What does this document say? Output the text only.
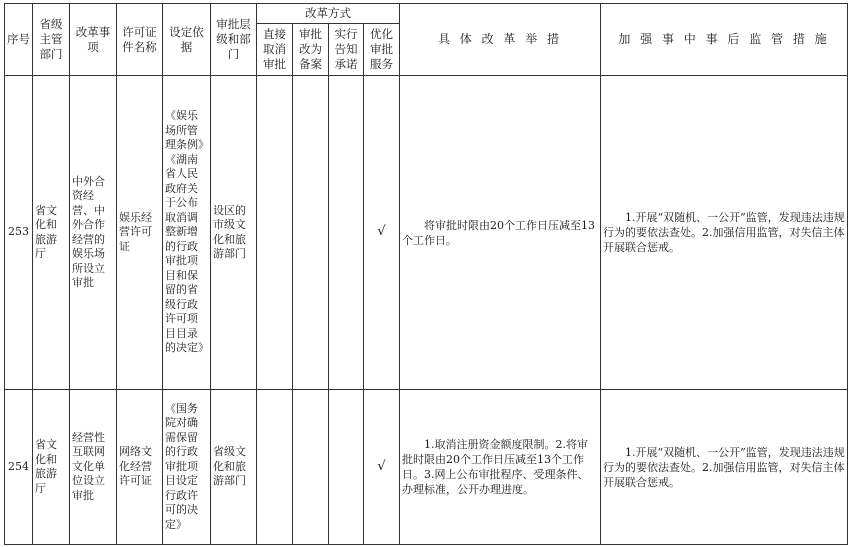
序号	省级主管部门	改革事项	许可证件名称	设定依据	审批层级和部门	改革方式				具 体 改 革 举 措	加 强 事 中 事 后 监 管 措 施
						直接取消审批	审批改为备案	实行告知承诺	优化审批服务		
253	省文化和旅游厅	中外合资经营、中外合作经营的娱乐场所设立审批	娱乐经营许可证	《娱乐场所管理条例》《湖南省人民政府关于公布取消调整新增的行政审批项目和保留的省级行政许可项目目录的决定》	设区的市级文化和旅游部门				√	将审批时限由20个工作日压减至13个工作日。	1.开展“双随机、一公开”监管，发现违法违规行为的要依法查处。2.加强信用监管，对失信主体开展联合惩戒。

254	省文化和旅游厅	经营性互联网文化单位设立审批	网络文化经营许可证	《国务院对确需保留的行政审批项目设定行政许可的决定》	省级文化和旅游部门				√	1.取消注册资金额度限制。2.将审批时限由20个工作日压减至13个工作日。3.网上公布审批程序、受理条件、办理标准，公开办理进度。	1.开展“双随机、一公开”监管，发现违法违规行为的要依法查处。2.加强信用监管，对失信主体开展联合惩戒。
